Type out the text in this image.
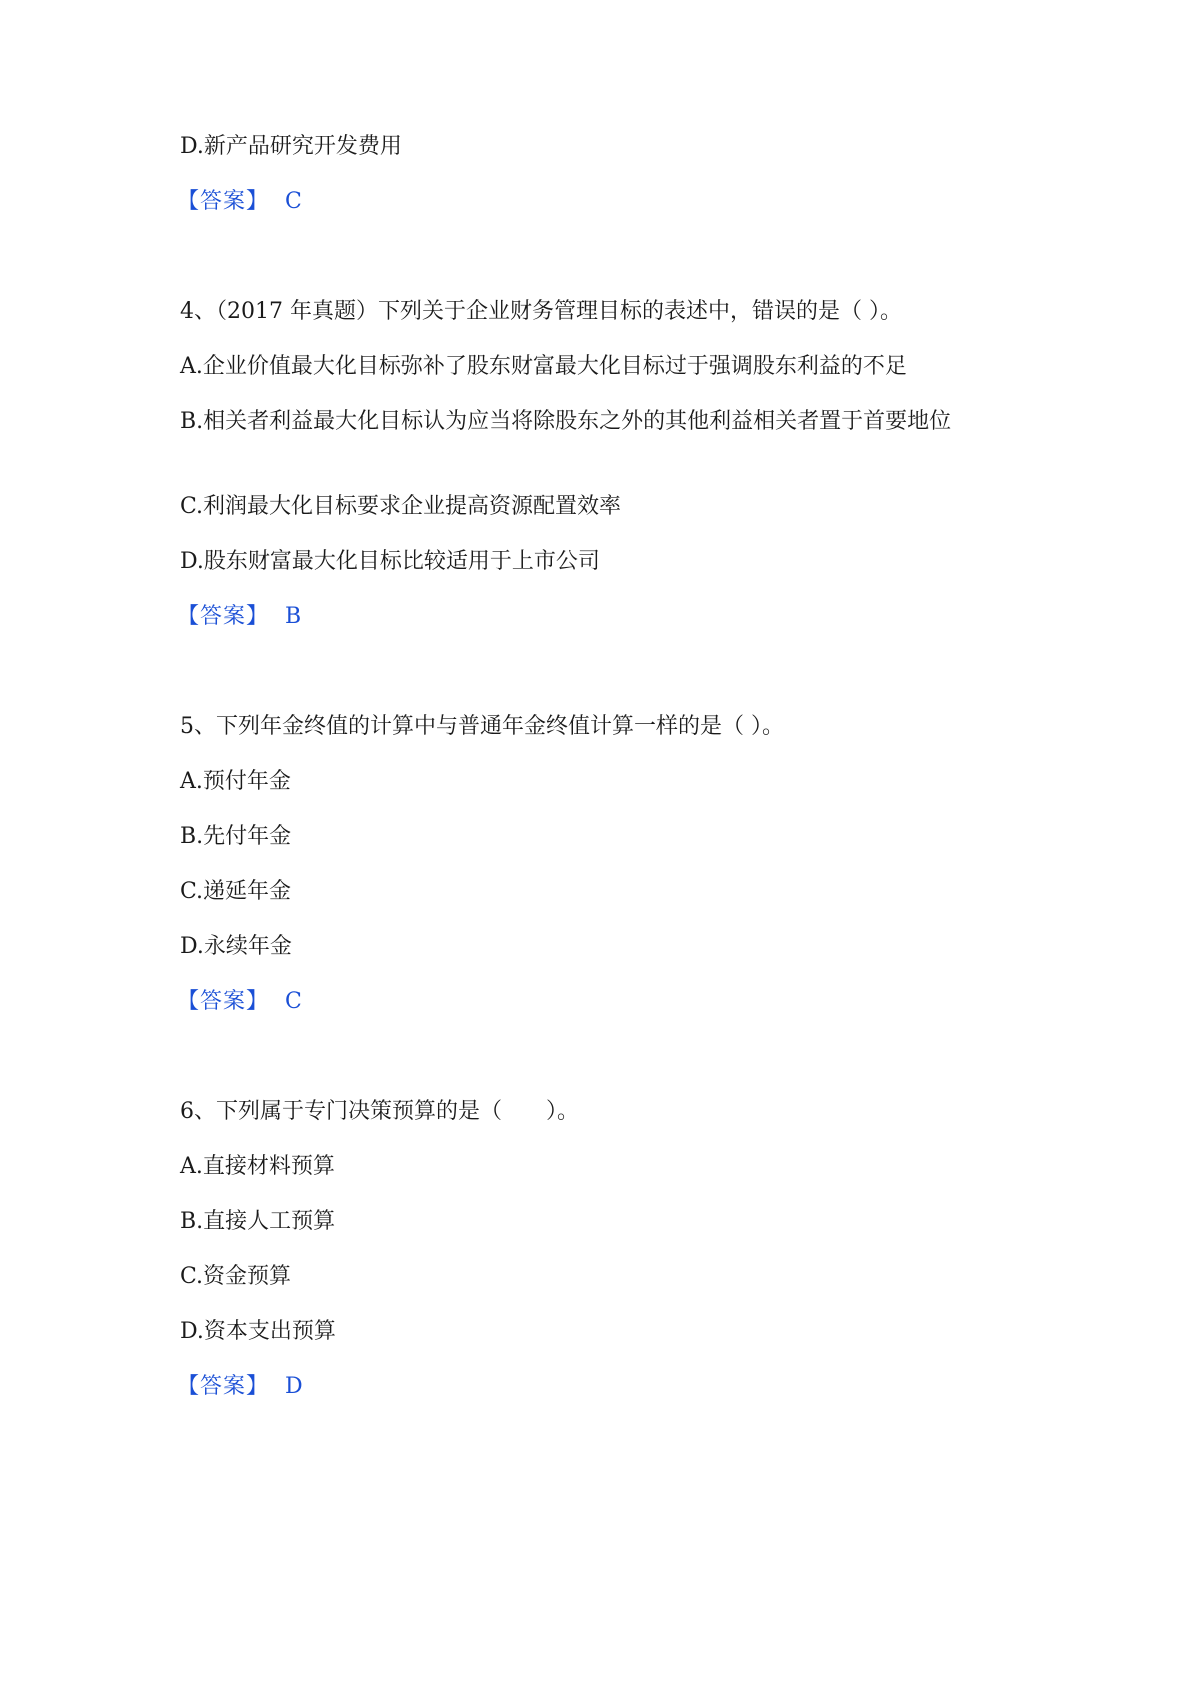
D.新产品研究开发费用
【答案】 C
4、（2017 年真题）下列关于企业财务管理目标的表述中，错误的是（ ）。
A.企业价值最大化目标弥补了股东财富最大化目标过于强调股东利益的不足
B.相关者利益最大化目标认为应当将除股东之外的其他利益相关者置于首要地位
C.利润最大化目标要求企业提高资源配置效率
D.股东财富最大化目标比较适用于上市公司
【答案】 B
5、下列年金终值的计算中与普通年金终值计算一样的是（ ）。
A.预付年金
B.先付年金
C.递延年金
D.永续年金
【答案】 C
6、下列属于专门决策预算的是（　　）。
A.直接材料预算
B.直接人工预算
C.资金预算
D.资本支出预算
【答案】 D
